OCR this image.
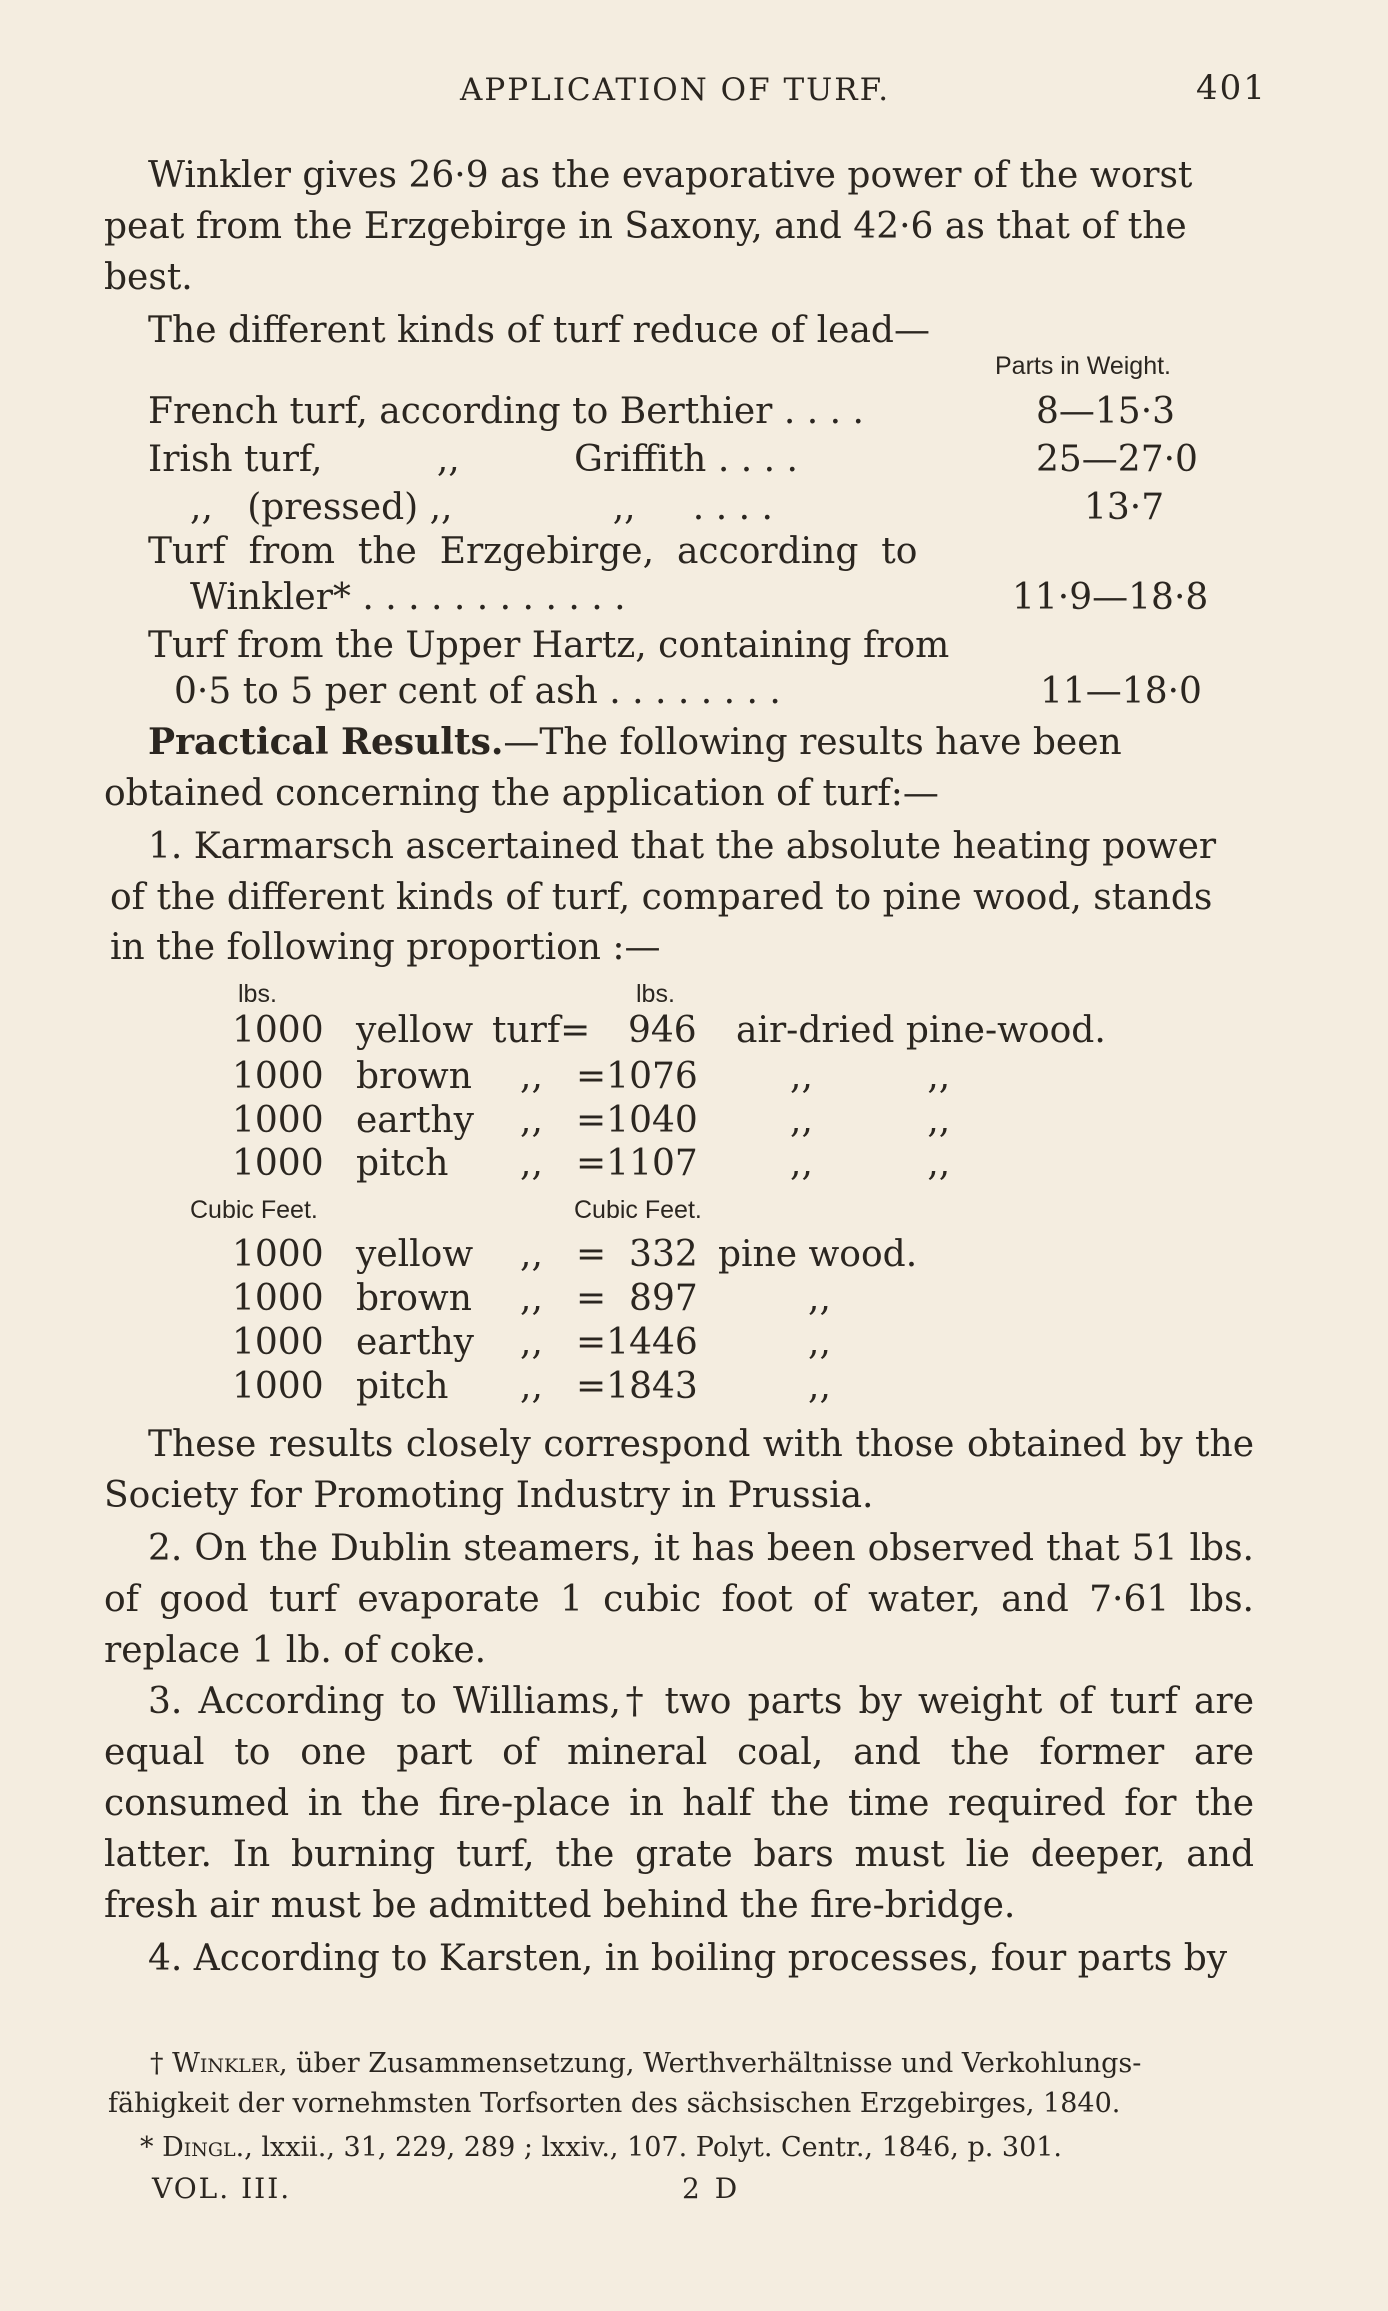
APPLICATION OF TURF.	401
Winkler gives 26·9 as the evaporative power of the worst
peat from the Erzgebirge in Saxony, and 42·6 as that of the
best.
The different kinds of turf reduce of lead—
Parts in Weight.
French turf, according to Berthier . . . .	8—15·3
Irish turf,          ,,          Griffith . . . .	25—27·0
,,   (pressed) ,,              ,,     . . . .	13·7
Turf  from  the  Erzgebirge,  according  to
Winkler* . . . . . . . . . . . .	11·9—18·8
Turf from the Upper Hartz, containing from
0·5 to 5 per cent of ash . . . . . . . .	11—18·0
Practical Results.—The following results have been
obtained concerning the application of turf:—
1. Karmarsch ascertained that the absolute heating power
of the different kinds of turf, compared to pine wood, stands
in the following proportion :—
lbs.	lbs.
1000 yellow turf= 946 air-dried pine-wood.
1000 brown ,, =1076	,,          ,,
1000 earthy ,, =1040	,,          ,,
1000 pitch ,, =1107	,,          ,,
Cubic Feet.	Cubic Feet.
1000 yellow ,, =  332 pine wood.
1000 brown ,, =  897	,,
1000 earthy ,, =1446	,,
1000 pitch ,, =1843	,,
These results closely correspond with those obtained by the Society for Promoting Industry in Prussia.
2. On the Dublin steamers, it has been observed that 51 lbs. of good turf evaporate 1 cubic foot of water, and 7·61 lbs. replace 1 lb. of coke.
3. According to Williams,† two parts by weight of turf are equal to one part of mineral coal, and the former are consumed in the fire-place in half the time required for the latter. In burning turf, the grate bars must lie deeper, and fresh air must be admitted behind the fire-bridge.
4. According to Karsten, in boiling processes, four parts by
† Winkler, über Zusammensetzung, Werthverhältnisse und Verkohlungs-
fähigkeit der vornehmsten Torfsorten des sächsischen Erzgebirges, 1840.
* Dingl., lxxii., 31, 229, 289 ; lxxiv., 107. Polyt. Centr., 1846, p. 301.
VOL. III.	2 D
